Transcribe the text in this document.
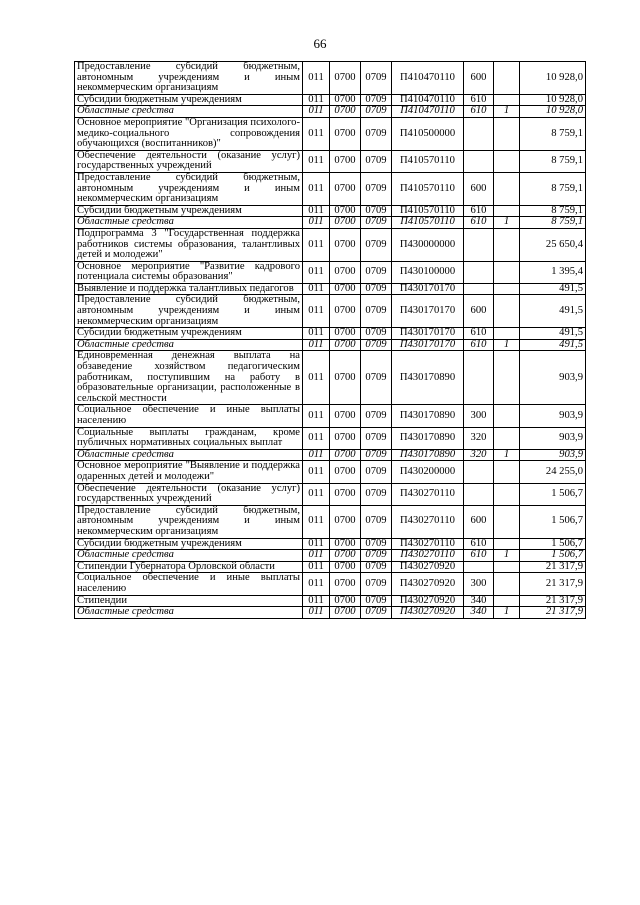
66
Предоставление субсидий бюджетным, автономным учреждениям и иным некоммерческим организациям	011	0700	0709	П410470110	600		10 928,0
Субсидии бюджетным учреждениям	011	0700	0709	П410470110	610		10 928,0
Областные средства	011	0700	0709	П410470110	610	1	10 928,0
Основное мероприятие "Организация психолого-медико-социального сопровождения обучающихся (воспитанников)"	011	0700	0709	П410500000			8 759,1
Обеспечение деятельности (оказание услуг) государственных учреждений	011	0700	0709	П410570110			8 759,1
Предоставление субсидий бюджетным, автономным учреждениям и иным некоммерческим организациям	011	0700	0709	П410570110	600		8 759,1
Субсидии бюджетным учреждениям	011	0700	0709	П410570110	610		8 759,1
Областные средства	011	0700	0709	П410570110	610	1	8 759,1
Подпрограмма 3 "Государственная поддержка работников системы образования, талантливых детей и молодежи"	011	0700	0709	П430000000			25 650,4
Основное мероприятие "Развитие кадрового потенциала системы образования"	011	0700	0709	П430100000			1 395,4
Выявление и поддержка талантливых педагогов	011	0700	0709	П430170170			491,5
Предоставление субсидий бюджетным, автономным учреждениям и иным некоммерческим организациям	011	0700	0709	П430170170	600		491,5
Субсидии бюджетным учреждениям	011	0700	0709	П430170170	610		491,5
Областные средства	011	0700	0709	П430170170	610	1	491,5
Единовременная денежная выплата на обзаведение хозяйством педагогическим работникам, поступившим на работу в образовательные организации, расположенные в сельской местности	011	0700	0709	П430170890			903,9
Социальное обеспечение и иные выплаты населению	011	0700	0709	П430170890	300		903,9
Социальные выплаты гражданам, кроме публичных нормативных социальных выплат	011	0700	0709	П430170890	320		903,9
Областные средства	011	0700	0709	П430170890	320	1	903,9
Основное мероприятие "Выявление и поддержка одаренных детей и молодежи"	011	0700	0709	П430200000			24 255,0
Обеспечение деятельности (оказание услуг) государственных учреждений	011	0700	0709	П430270110			1 506,7
Предоставление субсидий бюджетным, автономным учреждениям и иным некоммерческим организациям	011	0700	0709	П430270110	600		1 506,7
Субсидии бюджетным учреждениям	011	0700	0709	П430270110	610		1 506,7
Областные средства	011	0700	0709	П430270110	610	1	1 506,7
Стипендии Губернатора Орловской области	011	0700	0709	П430270920			21 317,9
Социальное обеспечение и иные выплаты населению	011	0700	0709	П430270920	300		21 317,9
Стипендии	011	0700	0709	П430270920	340		21 317,9
Областные средства	011	0700	0709	П430270920	340	1	21 317,9
